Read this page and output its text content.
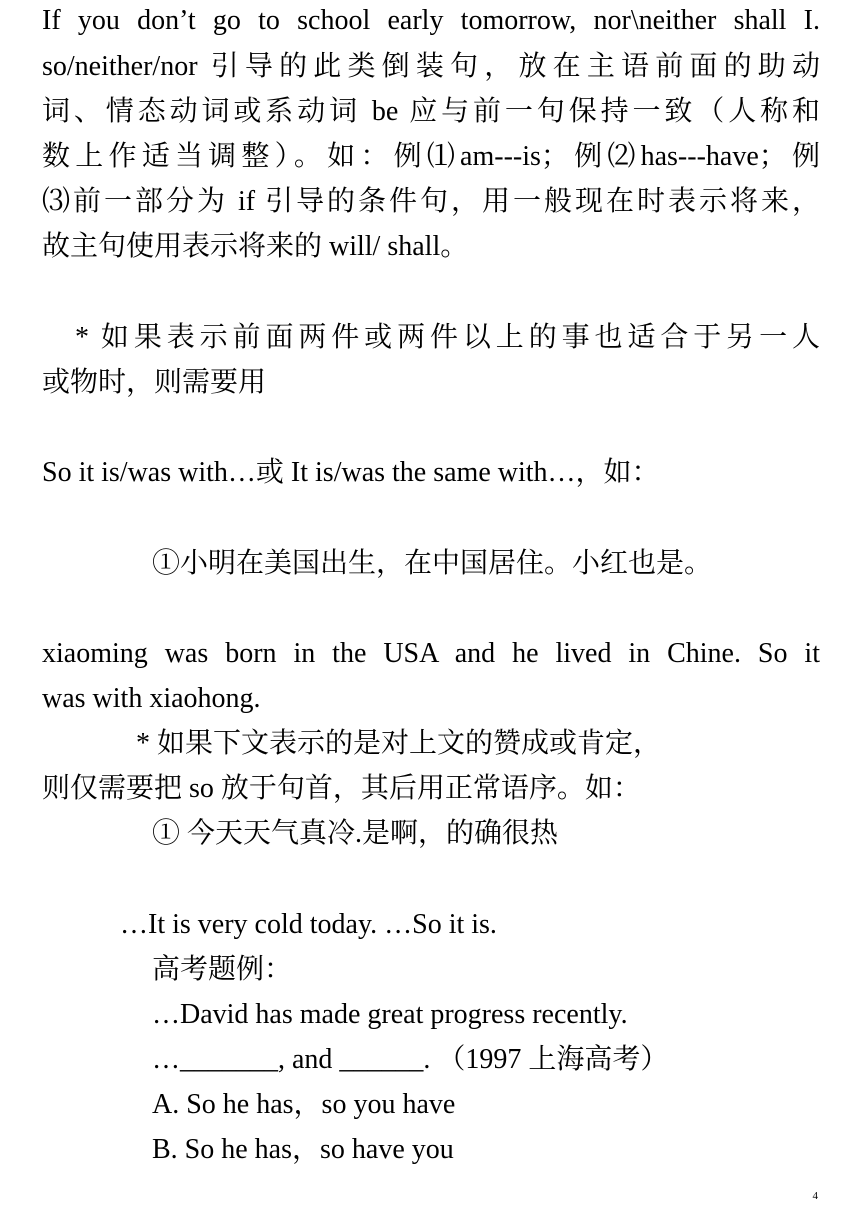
If you don’t go to school early tomorrow, nor\neither shall I.
so/neither/nor 引导的此类倒装句，放在主语前面的助动
词、情态动词或系动词 be 应与前一句保持一致（人称和
数上作适当调整）。如：例⑴am---is；例⑵has---have；例
⑶前一部分为 if 引导的条件句，用一般现在时表示将来，
故主句使用表示将来的 will/ shall。
* 如果表示前面两件或两件以上的事也适合于另一人
或物时，则需要用
So it is/was with…或 It is/was the same with…，如：
①小明在美国出生，在中国居住。小红也是。
xiaoming was born in the USA and he lived in Chine. So it
was with xiaohong.
* 如果下文表示的是对上文的赞成或肯定，
则仅需要把 so 放于句首，其后用正常语序。如：
① 今天天气真冷.是啊，的确很热
…It is very cold today. …So it is.
高考题例：
…David has made great progress recently.
…_______, and ______. （1997 上海高考）
A. So he has，so you have
B. So he has，so have you
4
